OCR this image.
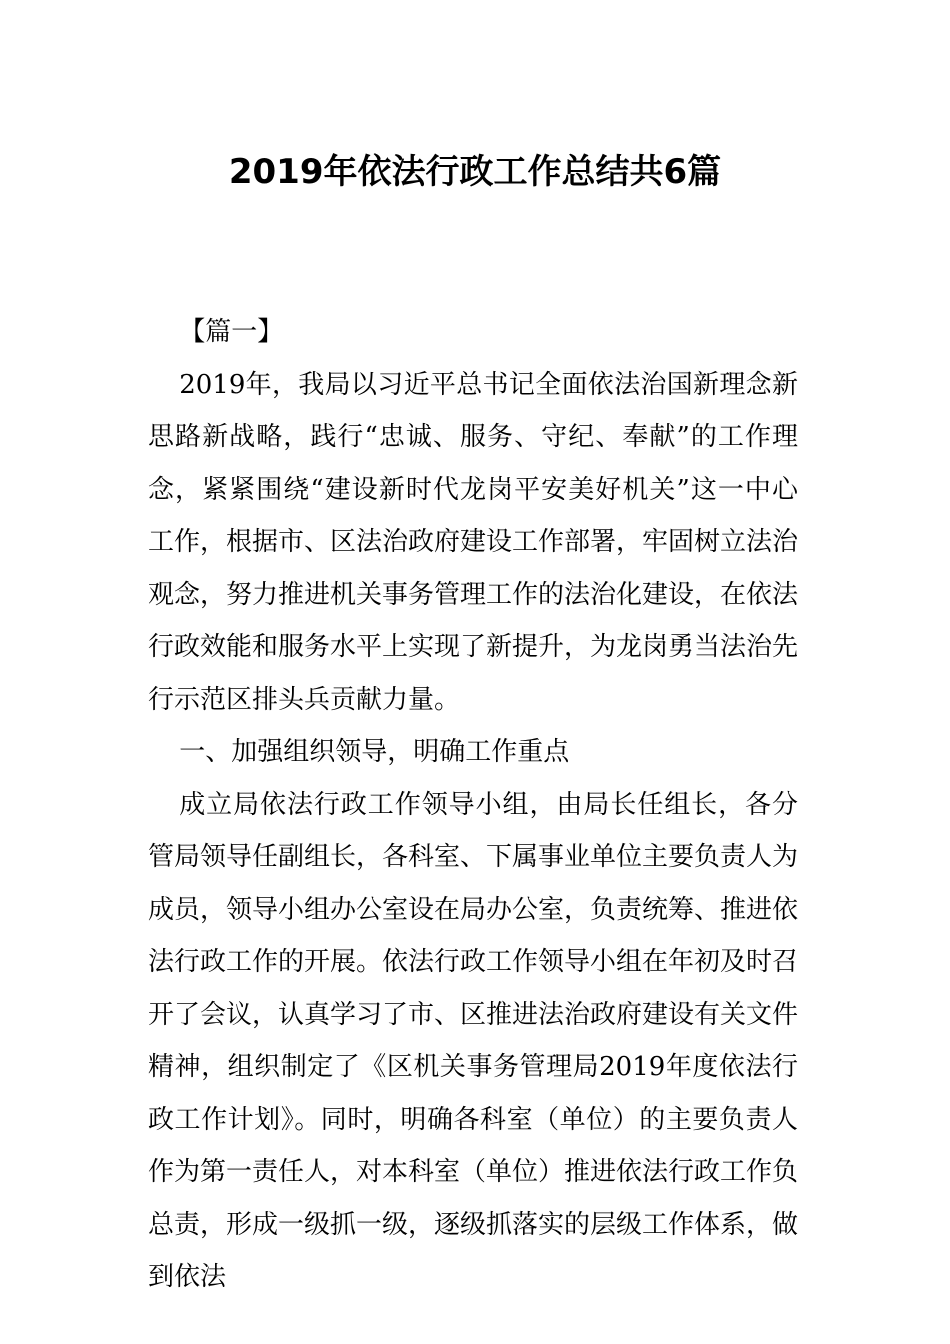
2019年依法行政工作总结共6篇

【篇一】

2019年，我局以习近平总书记全面依法治国新理念新思路新战略，践行“忠诚、服务、守纪、奉献”的工作理念，紧紧围绕“建设新时代龙岗平安美好机关”这一中心工作，根据市、区法治政府建设工作部署，牢固树立法治观念，努力推进机关事务管理工作的法治化建设，在依法行政效能和服务水平上实现了新提升，为龙岗勇当法治先行示范区排头兵贡献力量。

一、加强组织领导，明确工作重点

成立局依法行政工作领导小组，由局长任组长，各分管局领导任副组长，各科室、下属事业单位主要负责人为成员，领导小组办公室设在局办公室，负责统筹、推进依法行政工作的开展。依法行政工作领导小组在年初及时召开了会议，认真学习了市、区推进法治政府建设有关文件精神，组织制定了《区机关事务管理局2019年度依法行政工作计划》。同时，明确各科室（单位）的主要负责人作为第一责任人，对本科室（单位）推进依法行政工作负总责，形成一级抓一级，逐级抓落实的层级工作体系，做到依法
